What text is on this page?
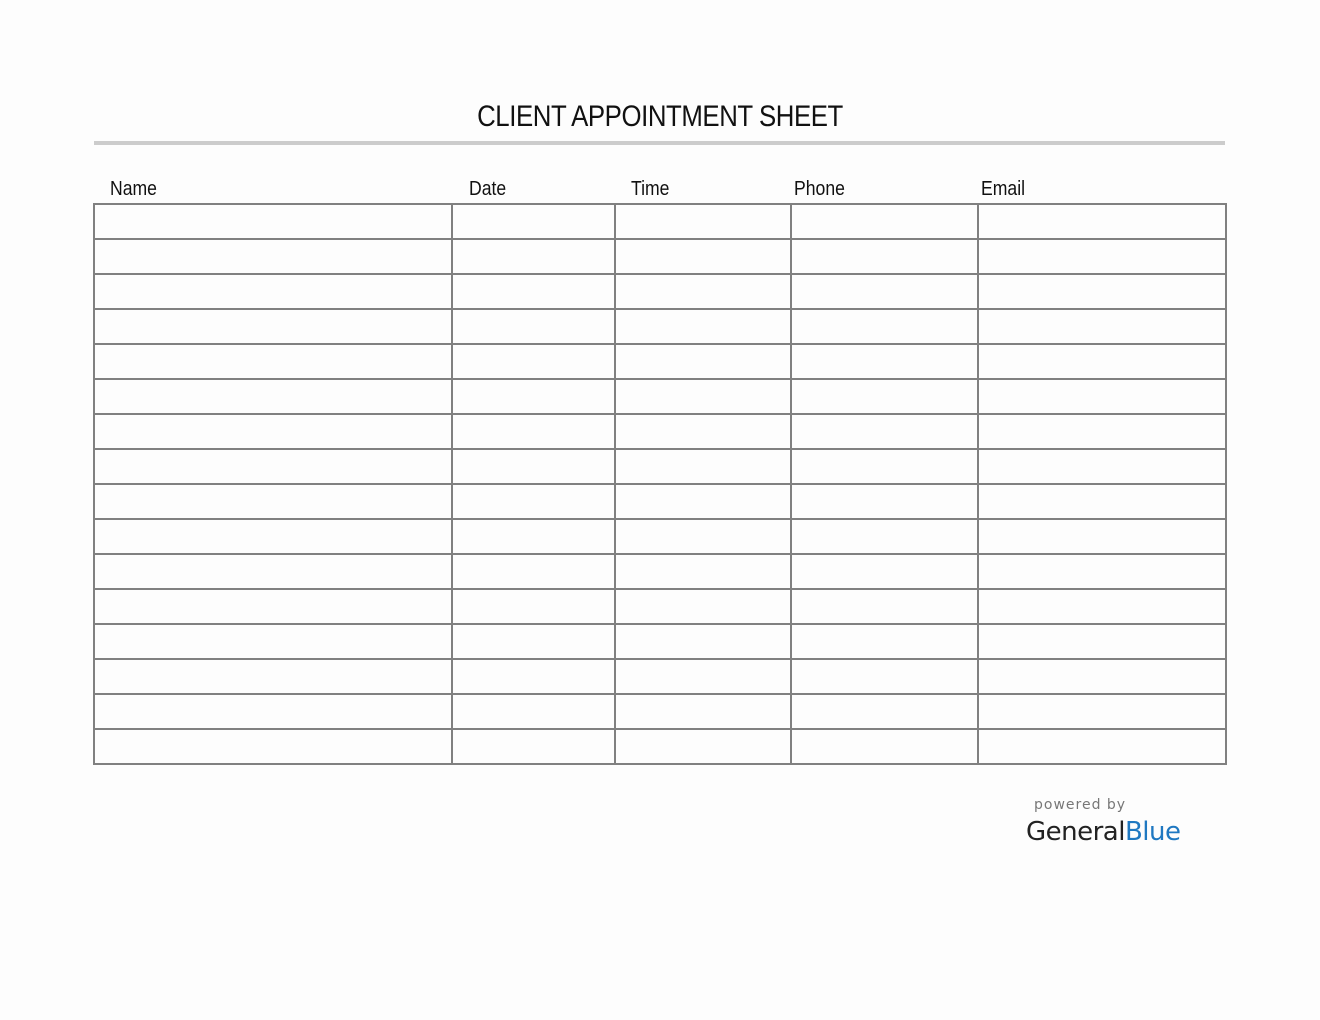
CLIENT APPOINTMENT SHEET
Name	Date	Time	Phone	Email

powered by
GeneralBlue
